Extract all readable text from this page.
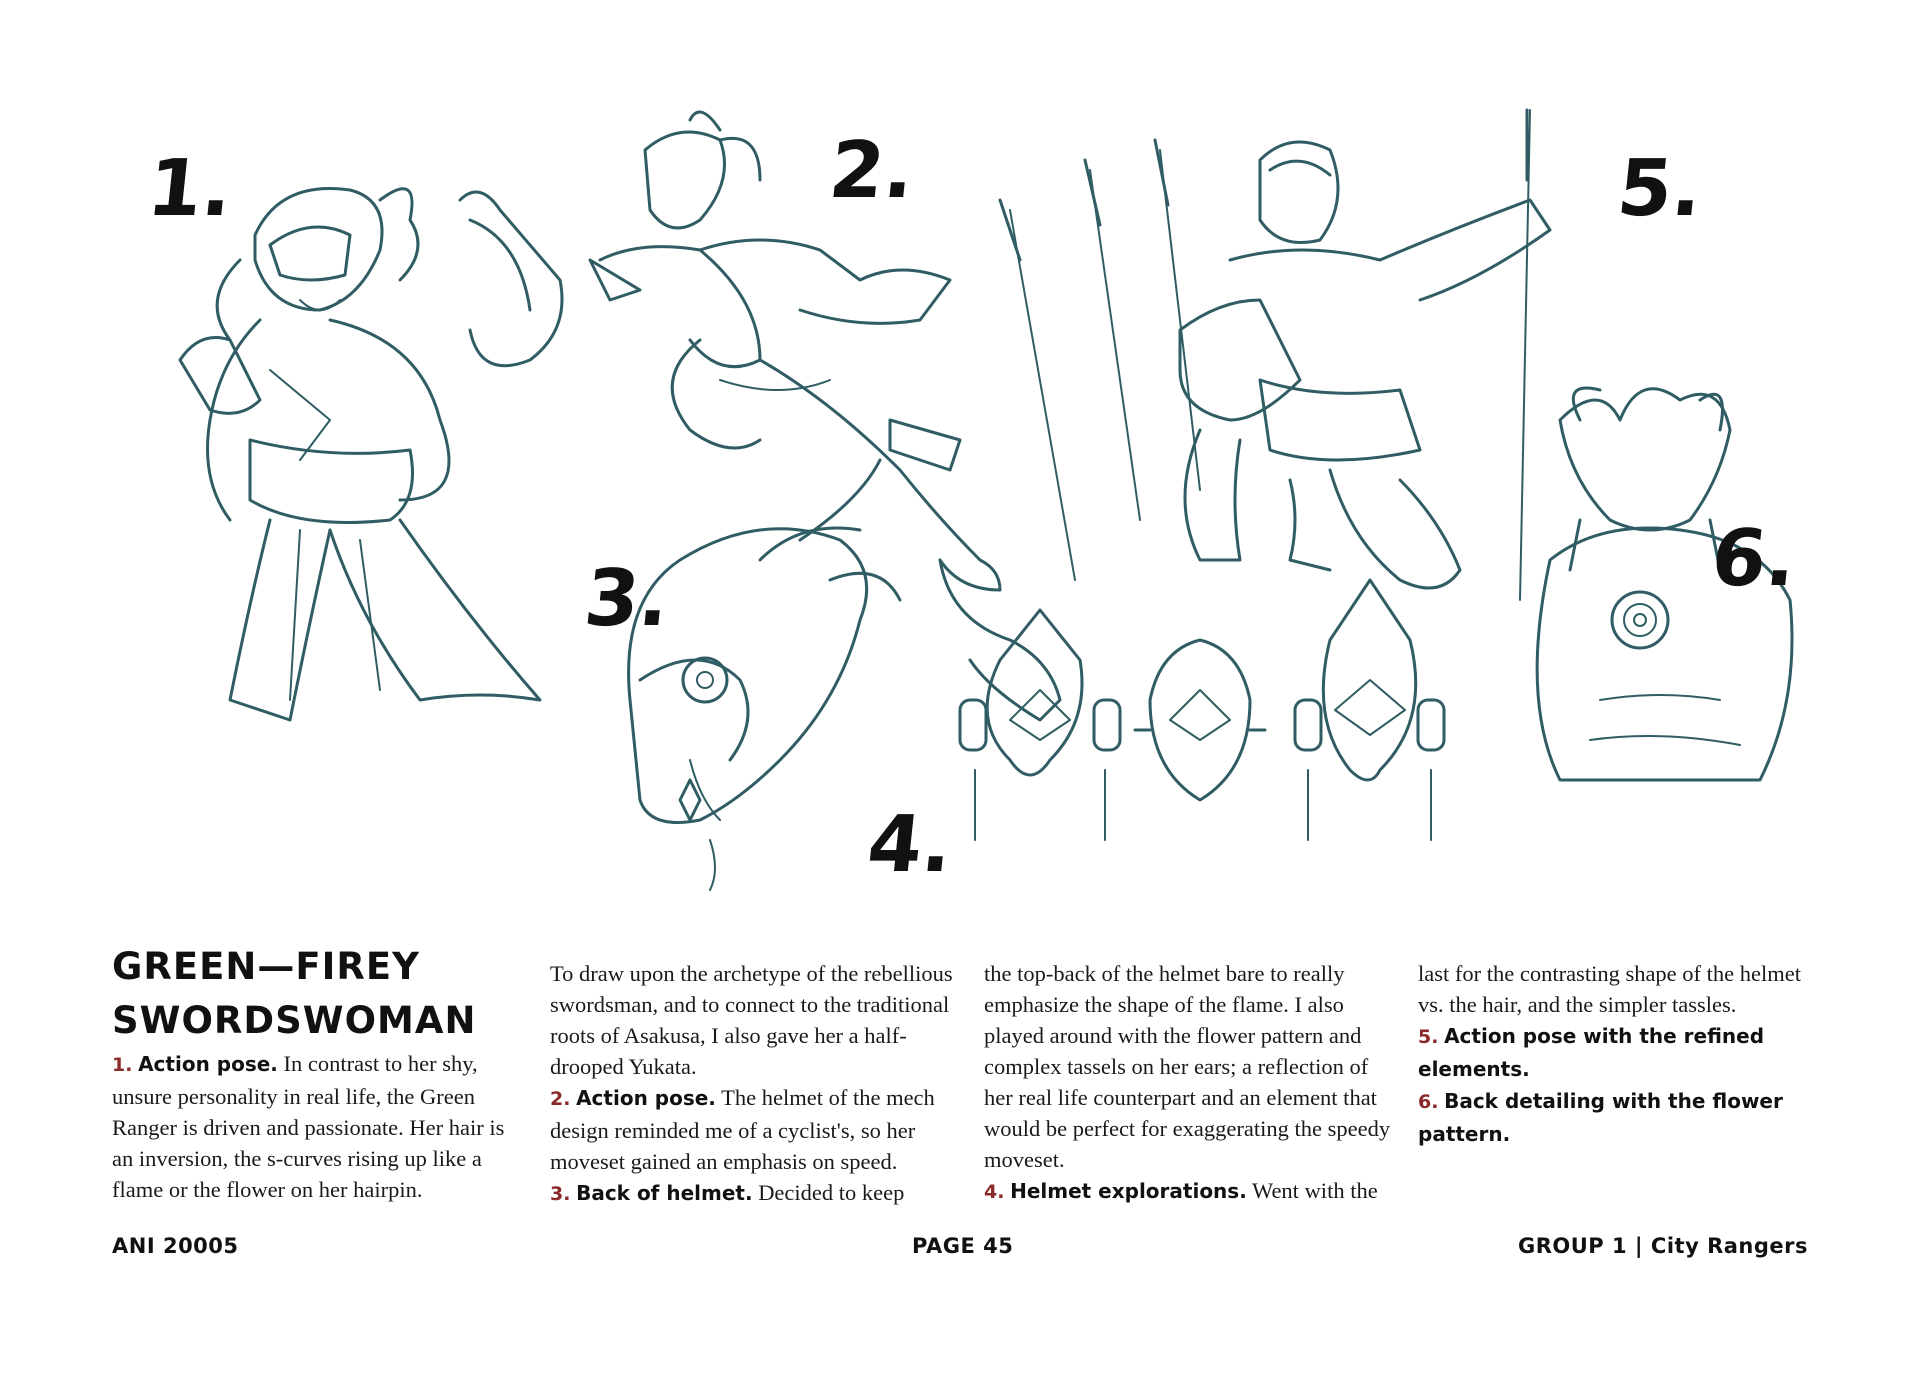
1.	2.
3.
4.
5.
6.

GREEN—FIREY

SWORDSWOMAN

1. Action pose. In contrast to her shy, unsure personality in real life, the Green Ranger is driven and passionate. Her hair is an inversion, the s-curves rising up like a flame or the flower on her hairpin.

To draw upon the archetype of the rebellious swordsman, and to connect to the traditional roots of Asakusa, I also gave her a half-drooped Yukata.

2. Action pose. The helmet of the mech design reminded me of a cyclist's, so her moveset gained an emphasis on speed.

3. Back of helmet. Decided to keep

the top-back of the helmet bare to really emphasize the shape of the flame. I also played around with the flower pattern and complex tassels on her ears; a reflection of her real life counterpart and an element that would be perfect for exaggerating the speedy moveset.

4. Helmet explorations. Went with the

last for the contrasting shape of the helmet vs. the hair, and the simpler tassles.

5. Action pose with the refined elements.

6. Back detailing with the flower pattern.

ANI 20005	PAGE 45	GROUP 1 | City Rangers
